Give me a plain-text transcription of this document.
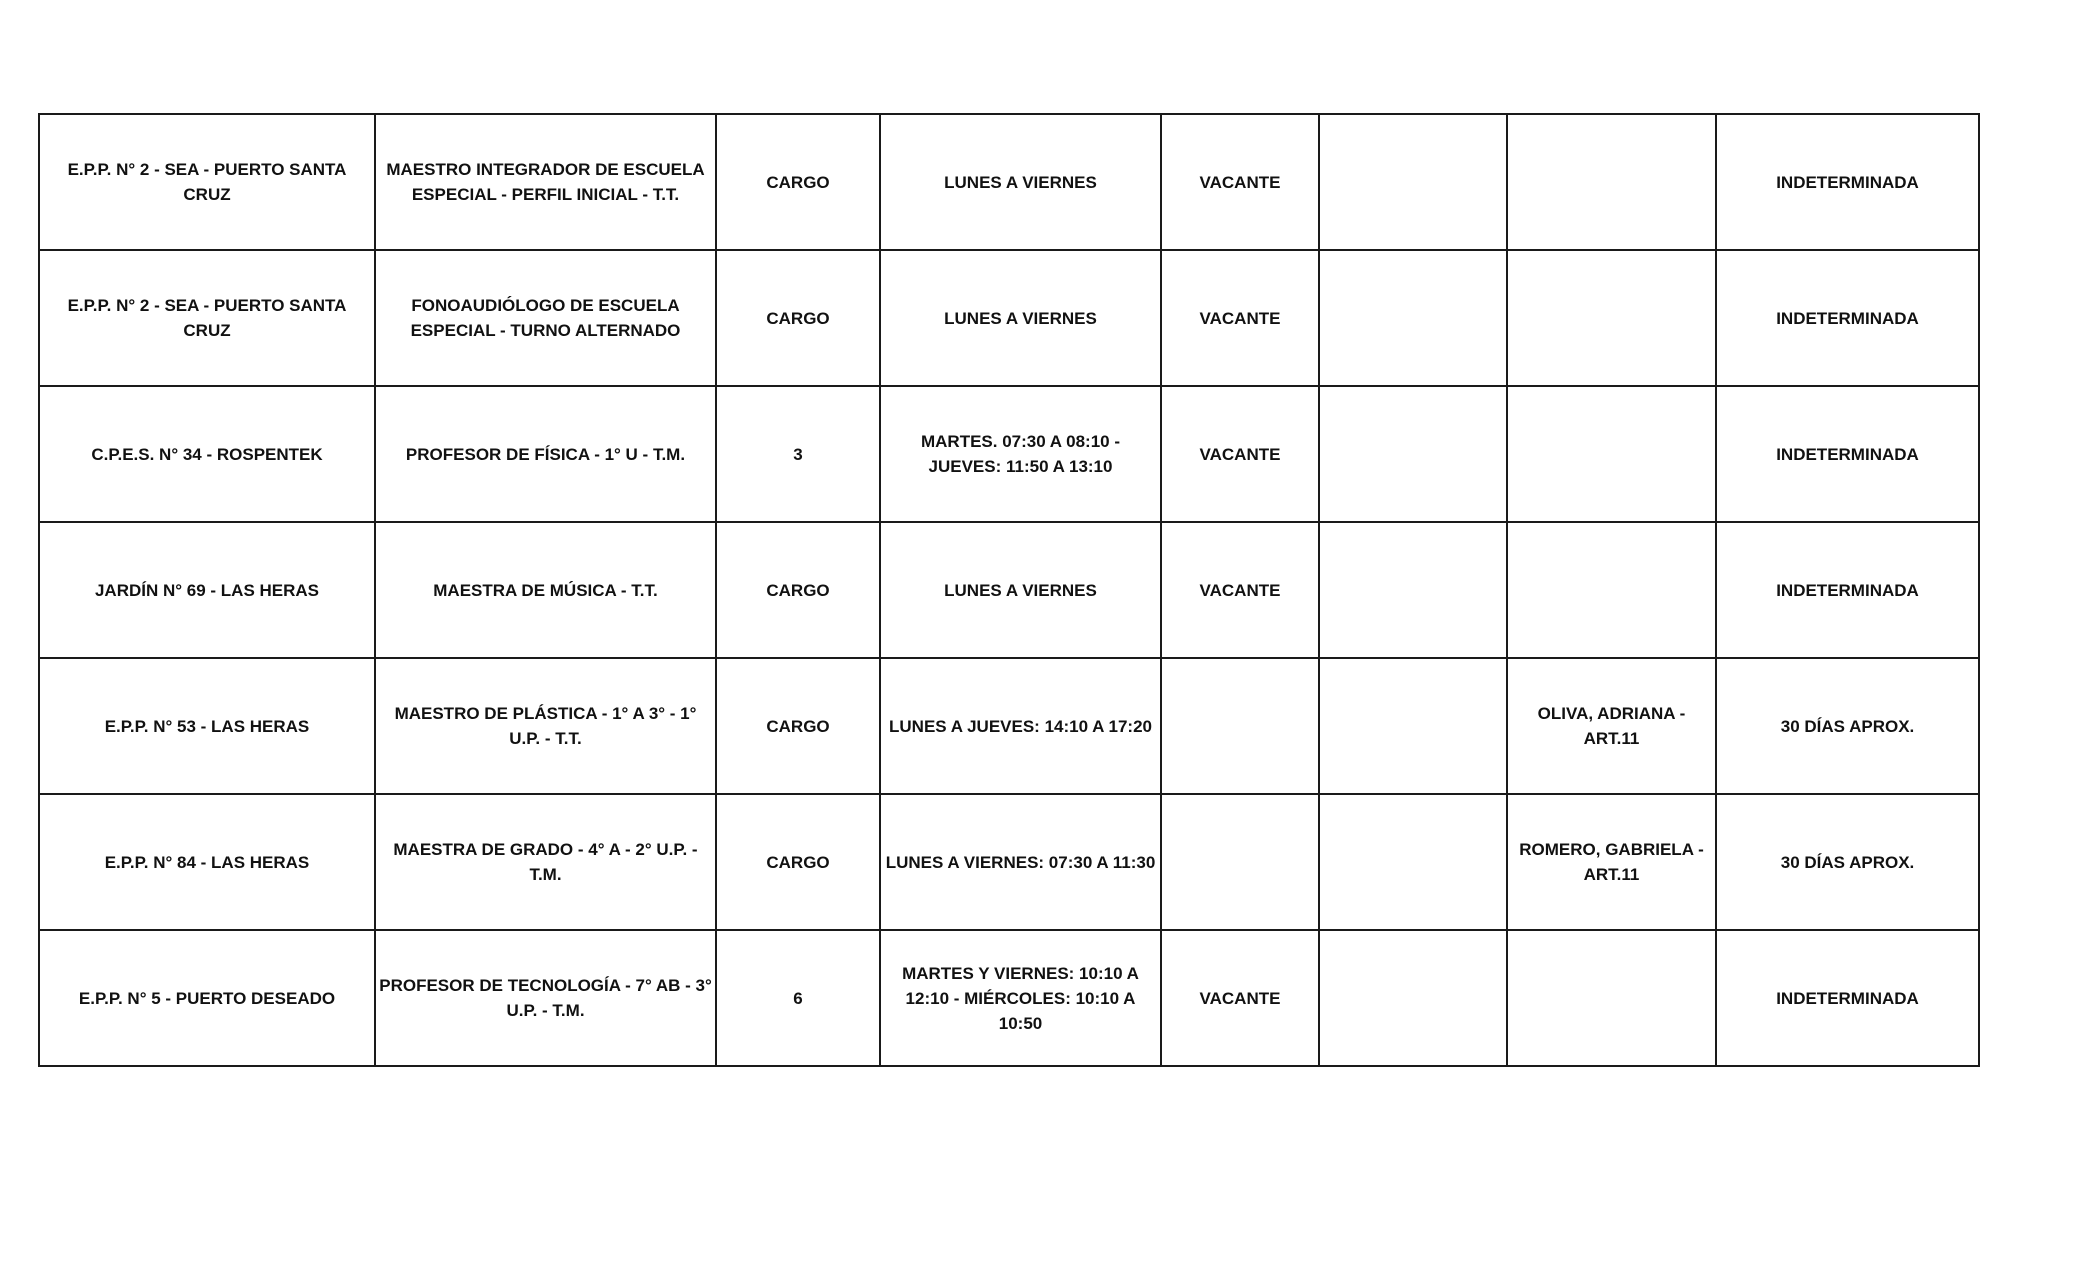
E.P.P. N° 2 - SEA - PUERTO SANTA CRUZ	MAESTRO INTEGRADOR DE ESCUELA ESPECIAL - PERFIL INICIAL - T.T.	CARGO	LUNES A VIERNES	VACANTE			INDETERMINADA
E.P.P. N° 2 - SEA - PUERTO SANTA CRUZ	FONOAUDIÓLOGO DE ESCUELA ESPECIAL - TURNO ALTERNADO	CARGO	LUNES A VIERNES	VACANTE			INDETERMINADA
C.P.E.S. N° 34 - ROSPENTEK	PROFESOR DE FÍSICA - 1° U - T.M.	3	MARTES. 07:30 A 08:10 - JUEVES: 11:50 A 13:10	VACANTE			INDETERMINADA
JARDÍN N° 69 - LAS HERAS	MAESTRA DE MÚSICA - T.T.	CARGO	LUNES A VIERNES	VACANTE			INDETERMINADA
E.P.P. N° 53 - LAS HERAS	MAESTRO DE PLÁSTICA - 1° A 3° - 1° U.P. - T.T.	CARGO	LUNES A JUEVES: 14:10 A 17:20			OLIVA, ADRIANA - ART.11	30 DÍAS APROX.
E.P.P. N° 84 - LAS HERAS	MAESTRA DE GRADO - 4° A - 2° U.P. - T.M.	CARGO	LUNES A VIERNES: 07:30 A 11:30			ROMERO, GABRIELA - ART.11	30 DÍAS APROX.
E.P.P. N° 5 - PUERTO DESEADO	PROFESOR DE TECNOLOGÍA - 7° AB - 3° U.P. - T.M.	6	MARTES Y VIERNES: 10:10 A 12:10 - MIÉRCOLES: 10:10 A 10:50	VACANTE			INDETERMINADA
